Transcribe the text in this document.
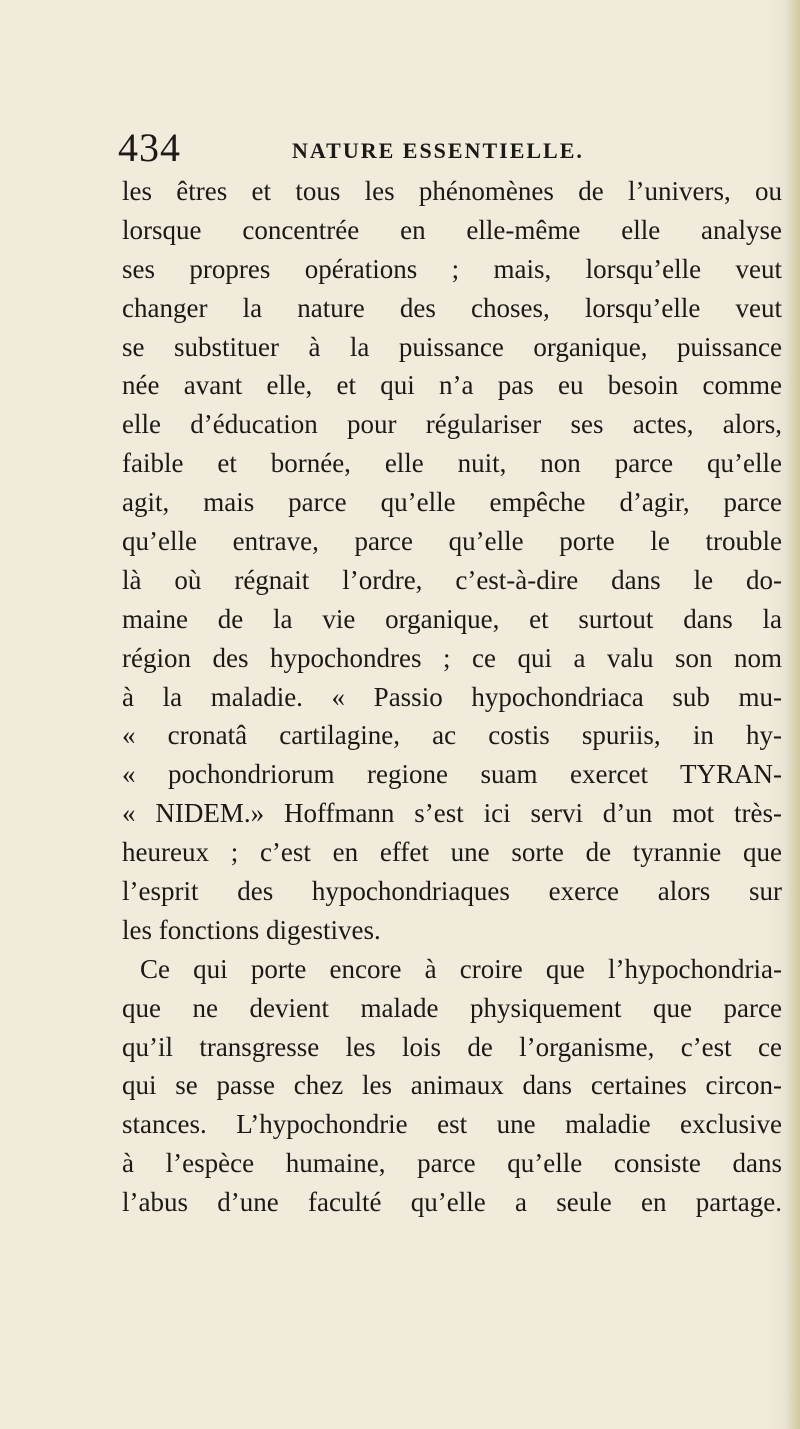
434	NATURE ESSENTIELLE.
les êtres et tous les phénomènes de l’univers, ou
lorsque concentrée en elle-même elle analyse
ses propres opérations ; mais, lorsqu’elle veut
changer la nature des choses, lorsqu’elle veut
se substituer à la puissance organique, puissance
née avant elle, et qui n’a pas eu besoin comme
elle d’éducation pour régulariser ses actes, alors,
faible et bornée, elle nuit, non parce qu’elle
agit, mais parce qu’elle empêche d’agir, parce
qu’elle entrave, parce qu’elle porte le trouble
là où régnait l’ordre, c’est-à-dire dans le do-
maine de la vie organique, et surtout dans la
région des hypochondres ; ce qui a valu son nom
à la maladie. « Passio hypochondriaca sub mu-
« cronatâ cartilagine, ac costis spuriis, in hy-
« pochondriorum regione suam exercet TYRAN-
« NIDEM.» Hoffmann s’est ici servi d’un mot très-
heureux ; c’est en effet une sorte de tyrannie que
l’esprit des hypochondriaques exerce alors sur
les fonctions digestives.
Ce qui porte encore à croire que l’hypochondria-
que ne devient malade physiquement que parce
qu’il transgresse les lois de l’organisme, c’est ce
qui se passe chez les animaux dans certaines circon-
stances. L’hypochondrie est une maladie exclusive
à l’espèce humaine, parce qu’elle consiste dans
l’abus d’une faculté qu’elle a seule en partage.
